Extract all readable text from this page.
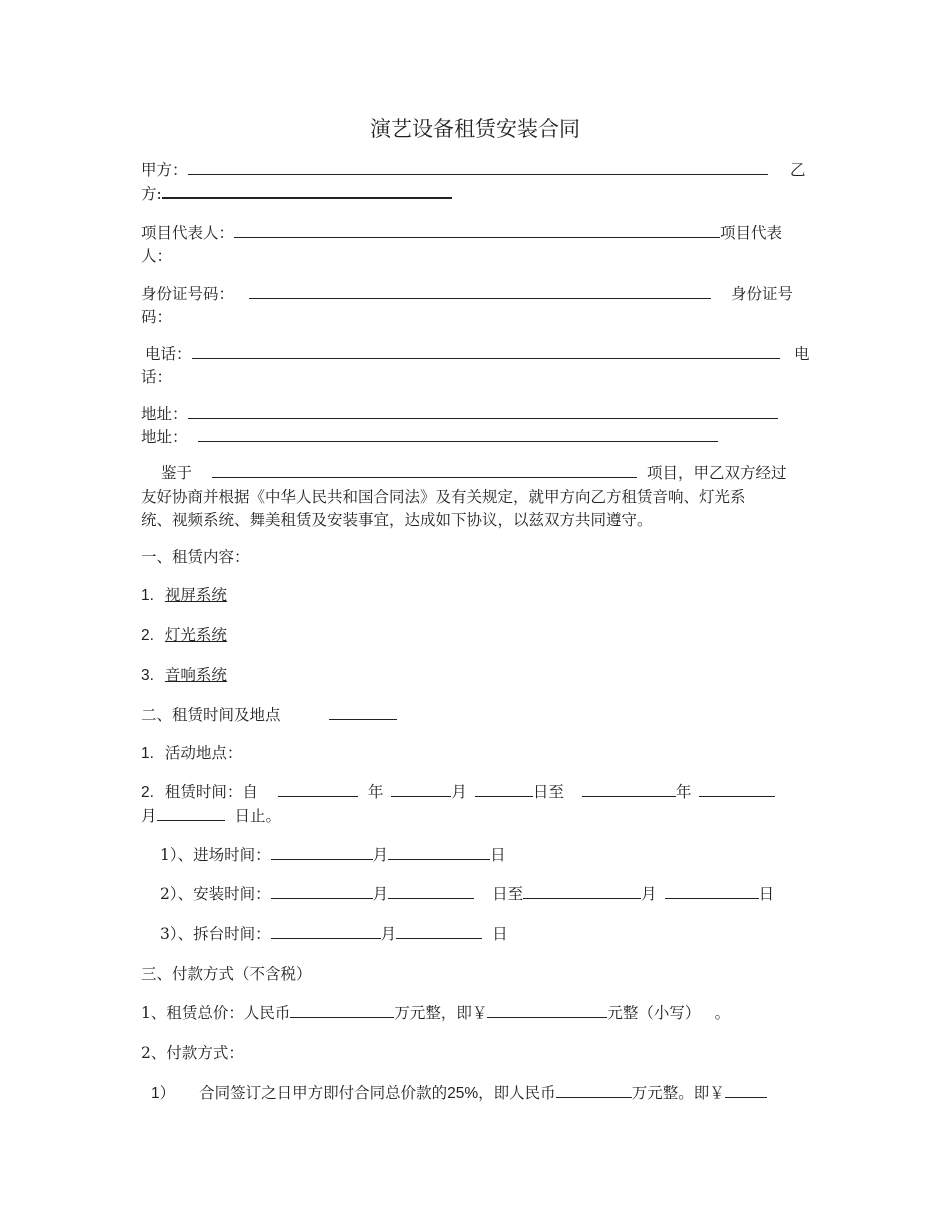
演艺设备租赁安装合同
甲方：	乙
方:
项目代表人：	项目代表
人：
身份证号码：	身份证号
码：
电话：	电
话：
地址：
地址：
鉴于	项目，甲乙双方经过
友好协商并根据《中华人民共和国合同法》及有关规定，就甲方向乙方租赁音响、灯光系
统、视频系统、舞美租赁及安装事宜，达成如下协议，以兹双方共同遵守。
一、租赁内容：
1. 视屏系统
2. 灯光系统
3. 音响系统
二、租赁时间及地点
1. 活动地点：
2. 租赁时间：自	年	月	日至	年
月	日止。
1）、进场时间：	月	日
2）、安装时间：	月	日至	月	日
3）、拆台时间：	月	日
三、付款方式（不含税）
1、租赁总价：人民币	万元整，即￥	元整（小写） 。
2、付款方式：
1） 合同签订之日甲方即付合同总价款的25%，即人民币	万元整。即￥
